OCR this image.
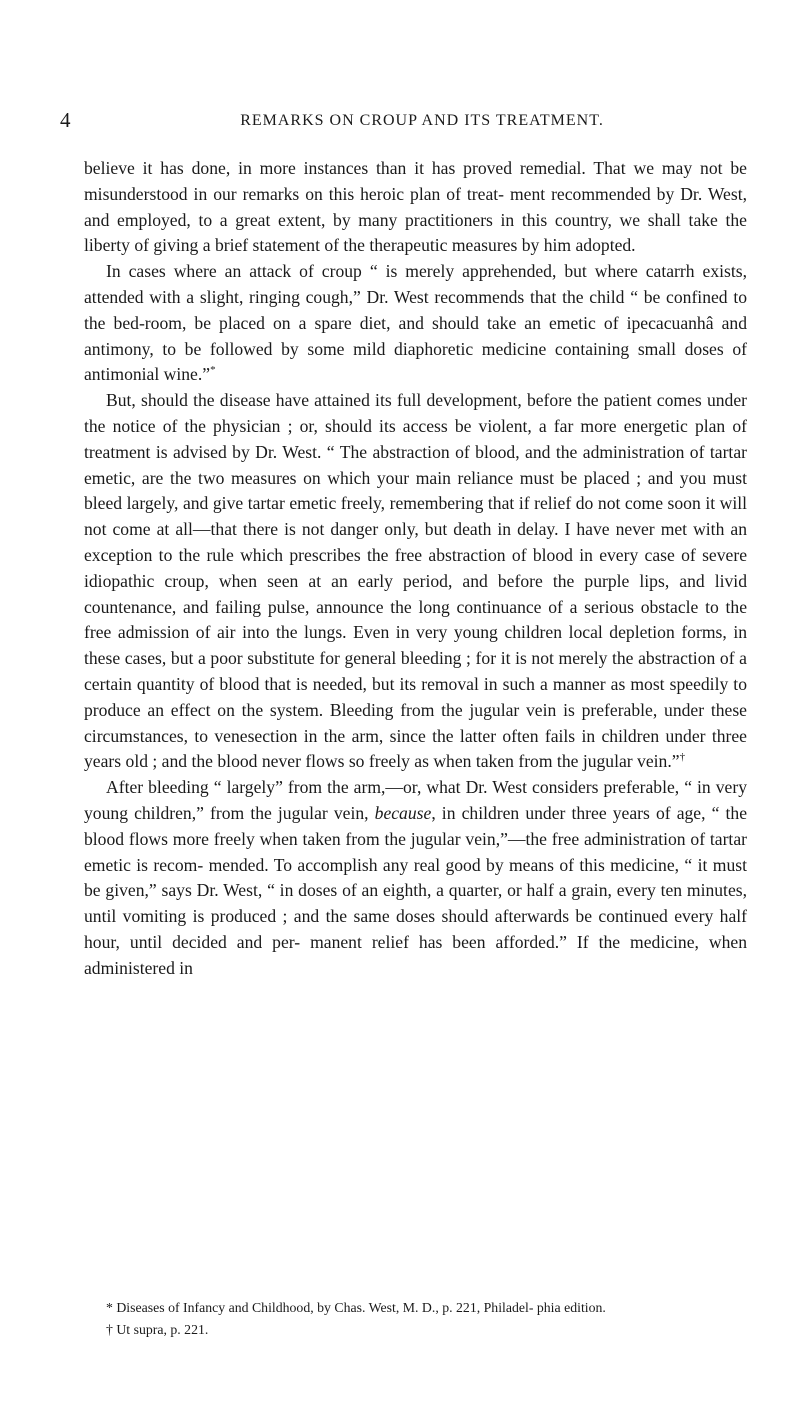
4	REMARKS ON CROUP AND ITS TREATMENT.

believe it has done, in more instances than it has proved remedial. That we may not be misunderstood in our remarks on this heroic plan of treat- ment recommended by Dr. West, and employed, to a great extent, by many practitioners in this country, we shall take the liberty of giving a brief statement of the therapeutic measures by him adopted.

In cases where an attack of croup “ is merely apprehended, but where catarrh exists, attended with a slight, ringing cough,” Dr. West recommends that the child “ be confined to the bed-room, be placed on a spare diet, and should take an emetic of ipecacuanhâ and antimony, to be followed by some mild diaphoretic medicine containing small doses of antimonial wine.”*

But, should the disease have attained its full development, before the patient comes under the notice of the physician ; or, should its access be violent, a far more energetic plan of treatment is advised by Dr. West. “ The abstraction of blood, and the administration of tartar emetic, are the two measures on which your main reliance must be placed ; and you must bleed largely, and give tartar emetic freely, remembering that if relief do not come soon it will not come at all—that there is not danger only, but death in delay. I have never met with an exception to the rule which prescribes the free abstraction of blood in every case of severe idiopathic croup, when seen at an early period, and before the purple lips, and livid countenance, and failing pulse, announce the long continuance of a serious obstacle to the free admission of air into the lungs. Even in very young children local depletion forms, in these cases, but a poor substitute for general bleeding ; for it is not merely the abstraction of a certain quantity of blood that is needed, but its removal in such a manner as most speedily to produce an effect on the system. Bleeding from the jugular vein is preferable, under these circumstances, to venesection in the arm, since the latter often fails in children under three years old ; and the blood never flows so freely as when taken from the jugular vein.”†

After bleeding “ largely” from the arm,—or, what Dr. West considers preferable, “ in very young children,” from the jugular vein, because, in children under three years of age, “ the blood flows more freely when taken from the jugular vein,”—the free administration of tartar emetic is recom- mended. To accomplish any real good by means of this medicine, “ it must be given,” says Dr. West, “ in doses of an eighth, a quarter, or half a grain, every ten minutes, until vomiting is produced ; and the same doses should afterwards be continued every half hour, until decided and per- manent relief has been afforded.” If the medicine, when administered in

* Diseases of Infancy and Childhood, by Chas. West, M. D., p. 221, Philadel- phia edition.

† Ut supra, p. 221.
